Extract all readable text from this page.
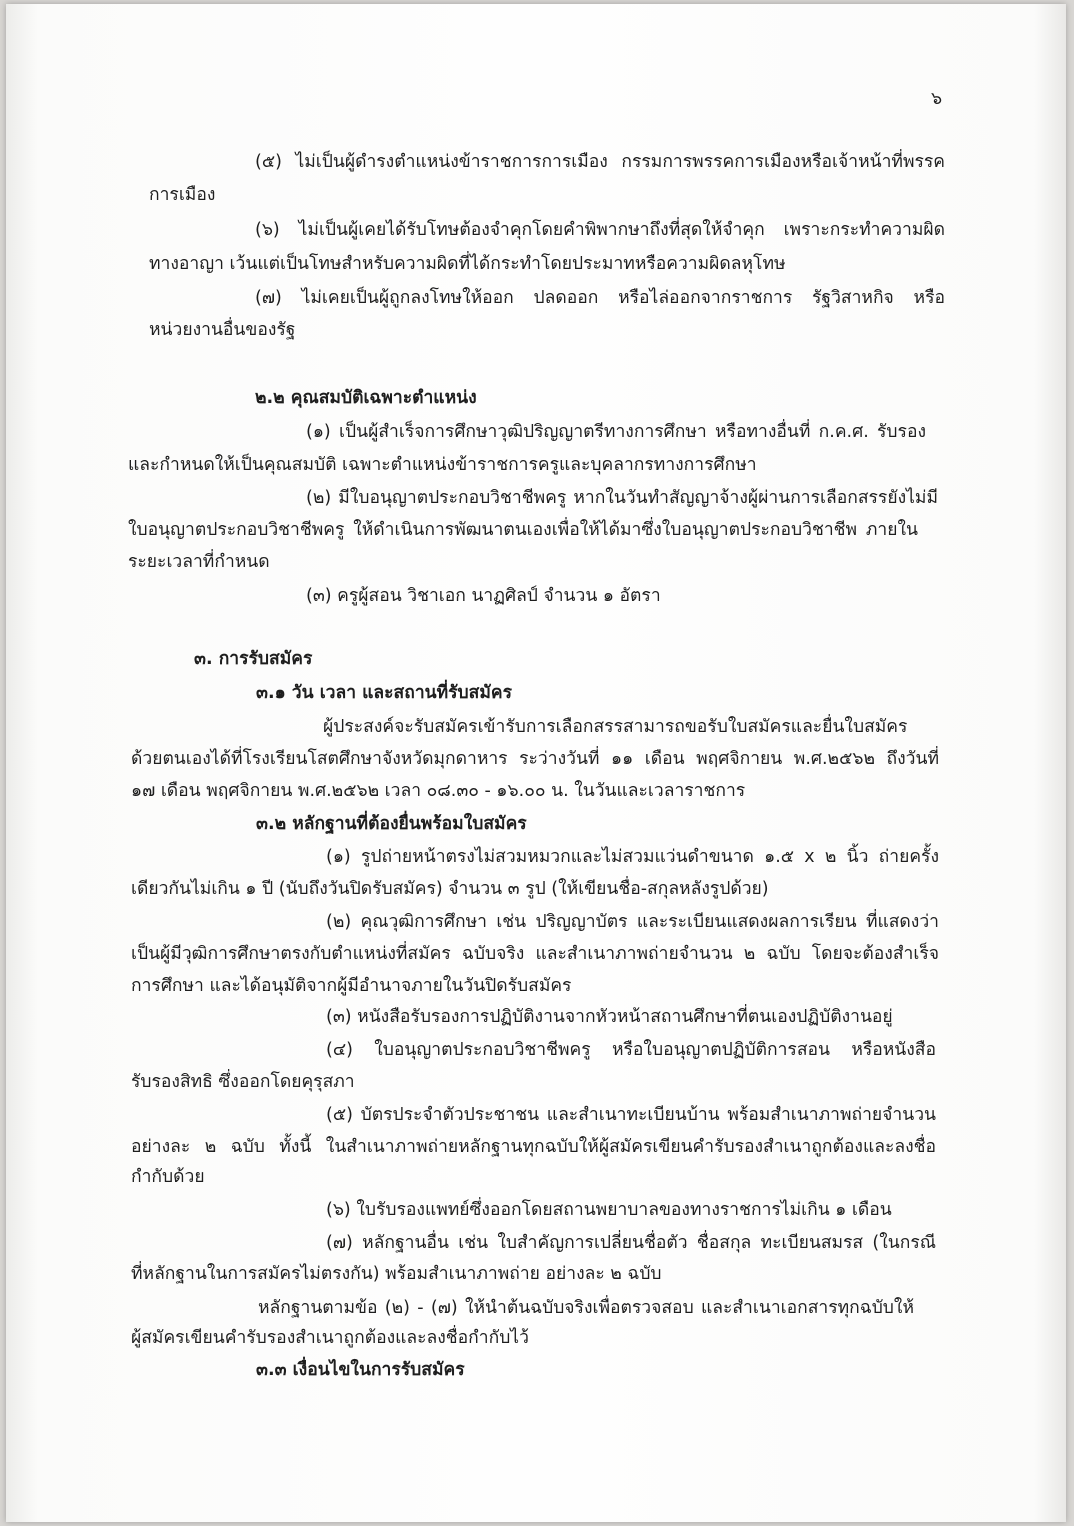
๖
(๕) ไม่เป็นผู้ดำรงตำแหน่งข้าราชการการเมือง กรรมการพรรคการเมืองหรือเจ้าหน้าที่พรรค
การเมือง
(๖) ไม่เป็นผู้เคยได้รับโทษต้องจำคุกโดยคำพิพากษาถึงที่สุดให้จำคุก เพราะกระทำความผิด
ทางอาญา เว้นแต่เป็นโทษสำหรับความผิดที่ได้กระทำโดยประมาทหรือความผิดลหุโทษ
(๗) ไม่เคยเป็นผู้ถูกลงโทษให้ออก ปลดออก หรือไล่ออกจากราชการ รัฐวิสาหกิจ หรือ
หน่วยงานอื่นของรัฐ
๒.๒ คุณสมบัติเฉพาะตำแหน่ง
(๑) เป็นผู้สำเร็จการศึกษาวุฒิปริญญาตรีทางการศึกษา หรือทางอื่นที่ ก.ค.ศ. รับรอง
และกำหนดให้เป็นคุณสมบัติ เฉพาะตำแหน่งข้าราชการครูและบุคลากรทางการศึกษา
(๒) มีใบอนุญาตประกอบวิชาชีพครู หากในวันทำสัญญาจ้างผู้ผ่านการเลือกสรรยังไม่มี
ใบอนุญาตประกอบวิชาชีพครู ให้ดำเนินการพัฒนาตนเองเพื่อให้ได้มาซึ่งใบอนุญาตประกอบวิชาชีพ ภายใน
ระยะเวลาที่กำหนด
(๓) ครูผู้สอน วิชาเอก นาฏศิลป์ จำนวน ๑ อัตรา
๓. การรับสมัคร
๓.๑ วัน เวลา และสถานที่รับสมัคร
ผู้ประสงค์จะรับสมัครเข้ารับการเลือกสรรสามารถขอรับใบสมัครและยื่นใบสมัคร
ด้วยตนเองได้ที่โรงเรียนโสตศึกษาจังหวัดมุกดาหาร ระว่างวันที่ ๑๑ เดือน พฤศจิกายน พ.ศ.๒๕๖๒ ถึงวันที่
๑๗ เดือน พฤศจิกายน พ.ศ.๒๕๖๒ เวลา ๐๘.๓๐ - ๑๖.๐๐ น. ในวันและเวลาราชการ
๓.๒ หลักฐานที่ต้องยื่นพร้อมใบสมัคร
(๑) รูปถ่ายหน้าตรงไม่สวมหมวกและไม่สวมแว่นดำขนาด ๑.๕ x ๒ นิ้ว ถ่ายครั้ง
เดียวกันไม่เกิน ๑ ปี (นับถึงวันปิดรับสมัคร) จำนวน ๓ รูป (ให้เขียนชื่อ-สกุลหลังรูปด้วย)
(๒) คุณวุฒิการศึกษา เช่น ปริญญาบัตร และระเบียนแสดงผลการเรียน ที่แสดงว่า
เป็นผู้มีวุฒิการศึกษาตรงกับตำแหน่งที่สมัคร ฉบับจริง และสำเนาภาพถ่ายจำนวน ๒ ฉบับ โดยจะต้องสำเร็จ
การศึกษา และได้อนุมัติจากผู้มีอำนาจภายในวันปิดรับสมัคร
(๓) หนังสือรับรองการปฏิบัติงานจากหัวหน้าสถานศึกษาที่ตนเองปฏิบัติงานอยู่
(๔) ใบอนุญาตประกอบวิชาชีพครู หรือใบอนุญาตปฏิบัติการสอน หรือหนังสือ
รับรองสิทธิ ซึ่งออกโดยคุรุสภา
(๕) บัตรประจำตัวประชาชน และสำเนาทะเบียนบ้าน พร้อมสำเนาภาพถ่ายจำนวน
อย่างละ ๒ ฉบับ ทั้งนี้ ในสำเนาภาพถ่ายหลักฐานทุกฉบับให้ผู้สมัครเขียนคำรับรองสำเนาถูกต้องและลงชื่อ
กำกับด้วย
(๖) ใบรับรองแพทย์ซึ่งออกโดยสถานพยาบาลของทางราชการไม่เกิน ๑ เดือน
(๗) หลักฐานอื่น เช่น ใบสำคัญการเปลี่ยนชื่อตัว ชื่อสกุล ทะเบียนสมรส (ในกรณี
ที่หลักฐานในการสมัครไม่ตรงกัน) พร้อมสำเนาภาพถ่าย อย่างละ ๒ ฉบับ
หลักฐานตามข้อ (๒) - (๗) ให้นำต้นฉบับจริงเพื่อตรวจสอบ และสำเนาเอกสารทุกฉบับให้
ผู้สมัครเขียนคำรับรองสำเนาถูกต้องและลงชื่อกำกับไว้
๓.๓ เงื่อนไขในการรับสมัคร
